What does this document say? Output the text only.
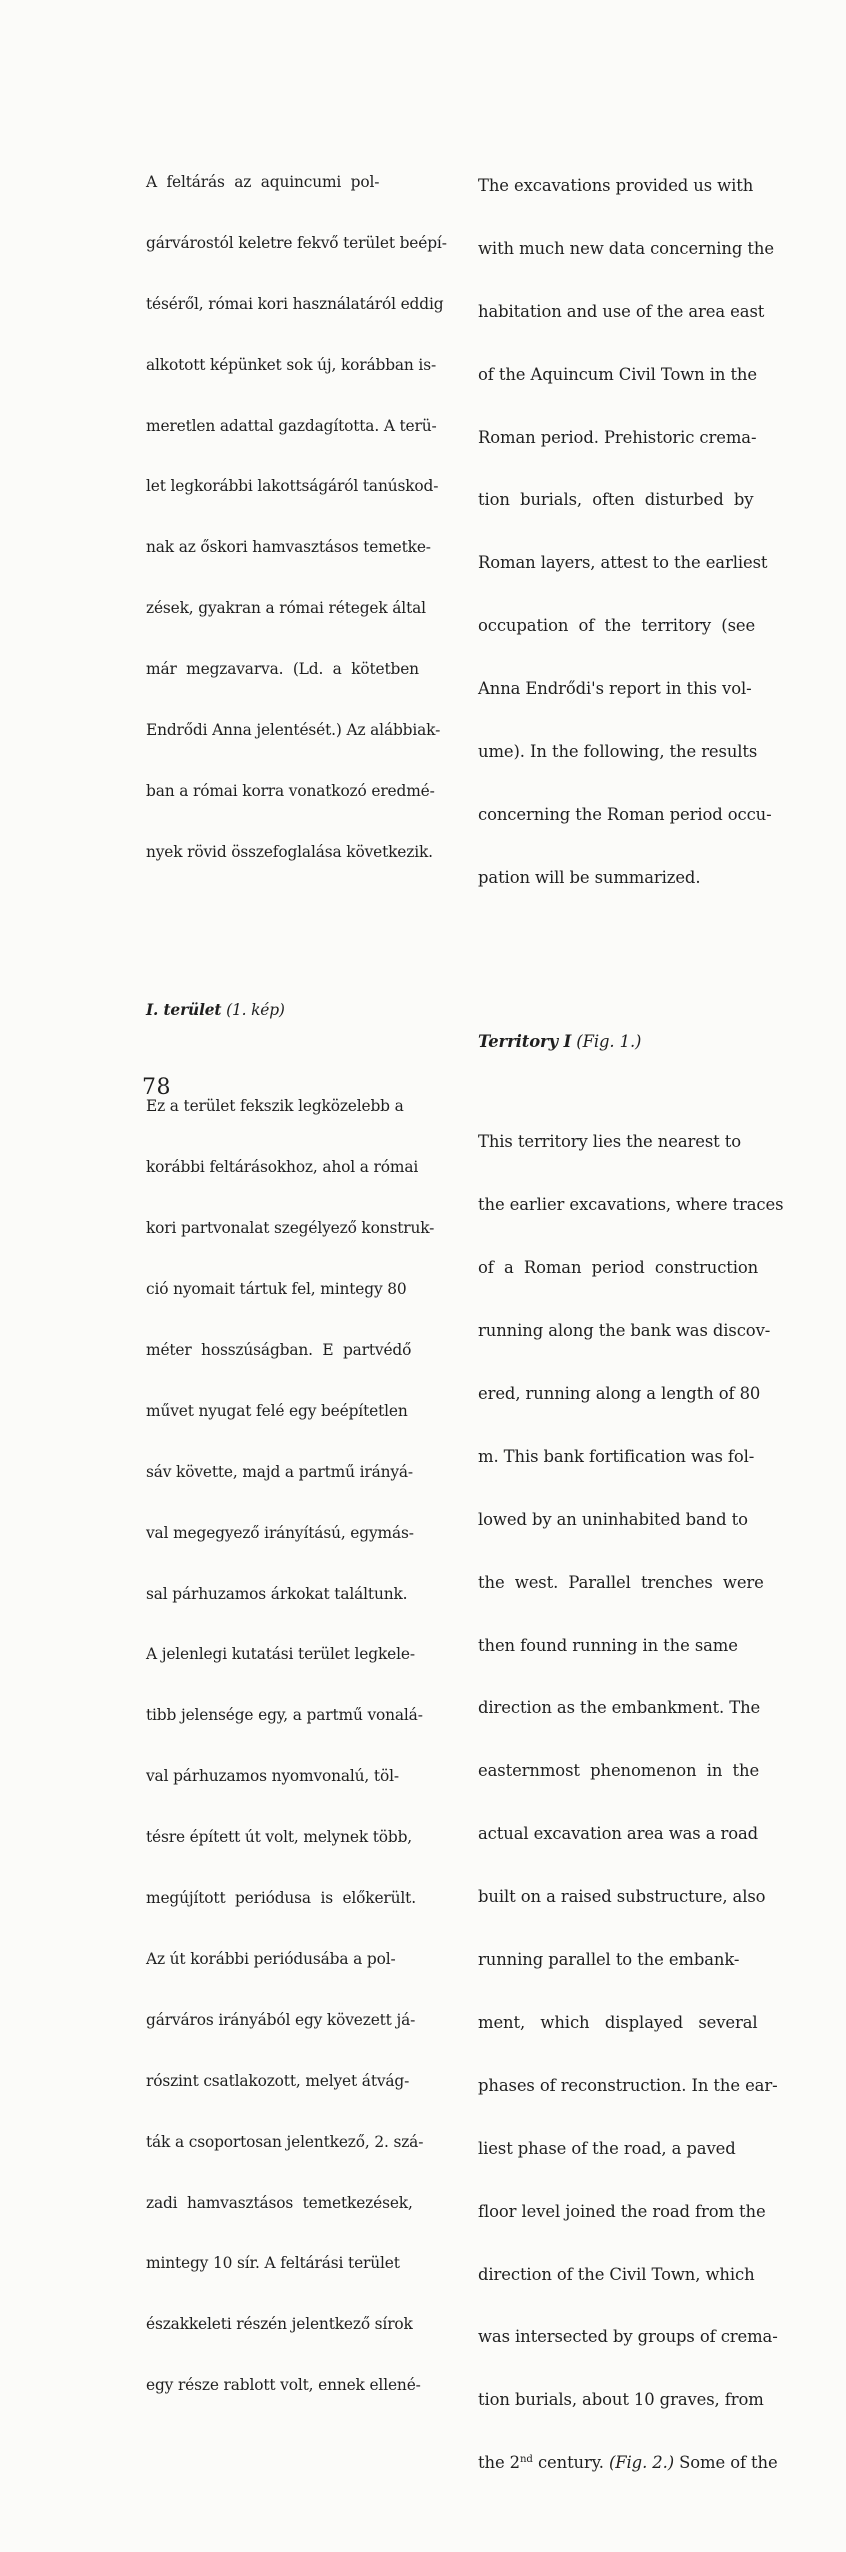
A  feltárás  az  aquincumi  pol-

gárvárostól keletre fekvő terület beépí-

téséről, római kori használatáról eddig

alkotott képünket sok új, korábban is-

meretlen adattal gazdagította. A terü-

let legkorábbi lakottságáról tanúskod-

nak az őskori hamvasztásos temetke-

zések, gyakran a római rétegek által

már  megzavarva.  (Ld.  a  kötetben

Endrődi Anna jelentését.) Az alábbiak-

ban a római korra vonatkozó eredmé-

nyek rövid összefoglalása következik.

I. terület (1. kép)

Ez a terület fekszik legközelebb a

korábbi feltárásokhoz, ahol a római

kori partvonalat szegélyező konstruk-

ció nyomait tártuk fel, mintegy 80

méter  hosszúságban.  E  partvédő

művet nyugat felé egy beépítetlen

sáv követte, majd a partmű irányá-

val megegyező irányítású, egymás-

sal párhuzamos árkokat találtunk.

A jelenlegi kutatási terület legkele-

tibb jelensége egy, a partmű vonalá-

val párhuzamos nyomvonalú, töl-

tésre épített út volt, melynek több,

megújított  periódusa  is  előkerült.

Az út korábbi periódusába a pol-

gárváros irányából egy kövezett já-

rószint csatlakozott, melyet átvág-

ták a csoportosan jelentkező, 2. szá-

zadi  hamvasztásos  temetkezések,

mintegy 10 sír. A feltárási terület

északkeleti részén jelentkező sírok

egy része rablott volt, ennek ellené-

The excavations provided us with

with much new data concerning the

habitation and use of the area east

of the Aquincum Civil Town in the

Roman period. Prehistoric crema-

tion  burials,  often  disturbed  by

Roman layers, attest to the earliest

occupation  of  the  territory  (see

Anna Endrődi's report in this vol-

ume). In the following, the results

concerning the Roman period occu-

pation will be summarized.

Territory I (Fig. 1.)

This territory lies the nearest to

the earlier excavations, where traces

of  a  Roman  period  construction

running along the bank was discov-

ered, running along a length of 80

m. This bank fortification was fol-

lowed by an uninhabited band to

the  west.  Parallel  trenches  were

then found running in the same

direction as the embankment. The

easternmost  phenomenon  in  the

actual excavation area was a road

built on a raised substructure, also

running parallel to the embank-

ment,   which   displayed   several

phases of reconstruction. In the ear-

liest phase of the road, a paved

floor level joined the road from the

direction of the Civil Town, which

was intersected by groups of crema-

tion burials, about 10 graves, from

the 2nd century. (Fig. 2.) Some of the

78
